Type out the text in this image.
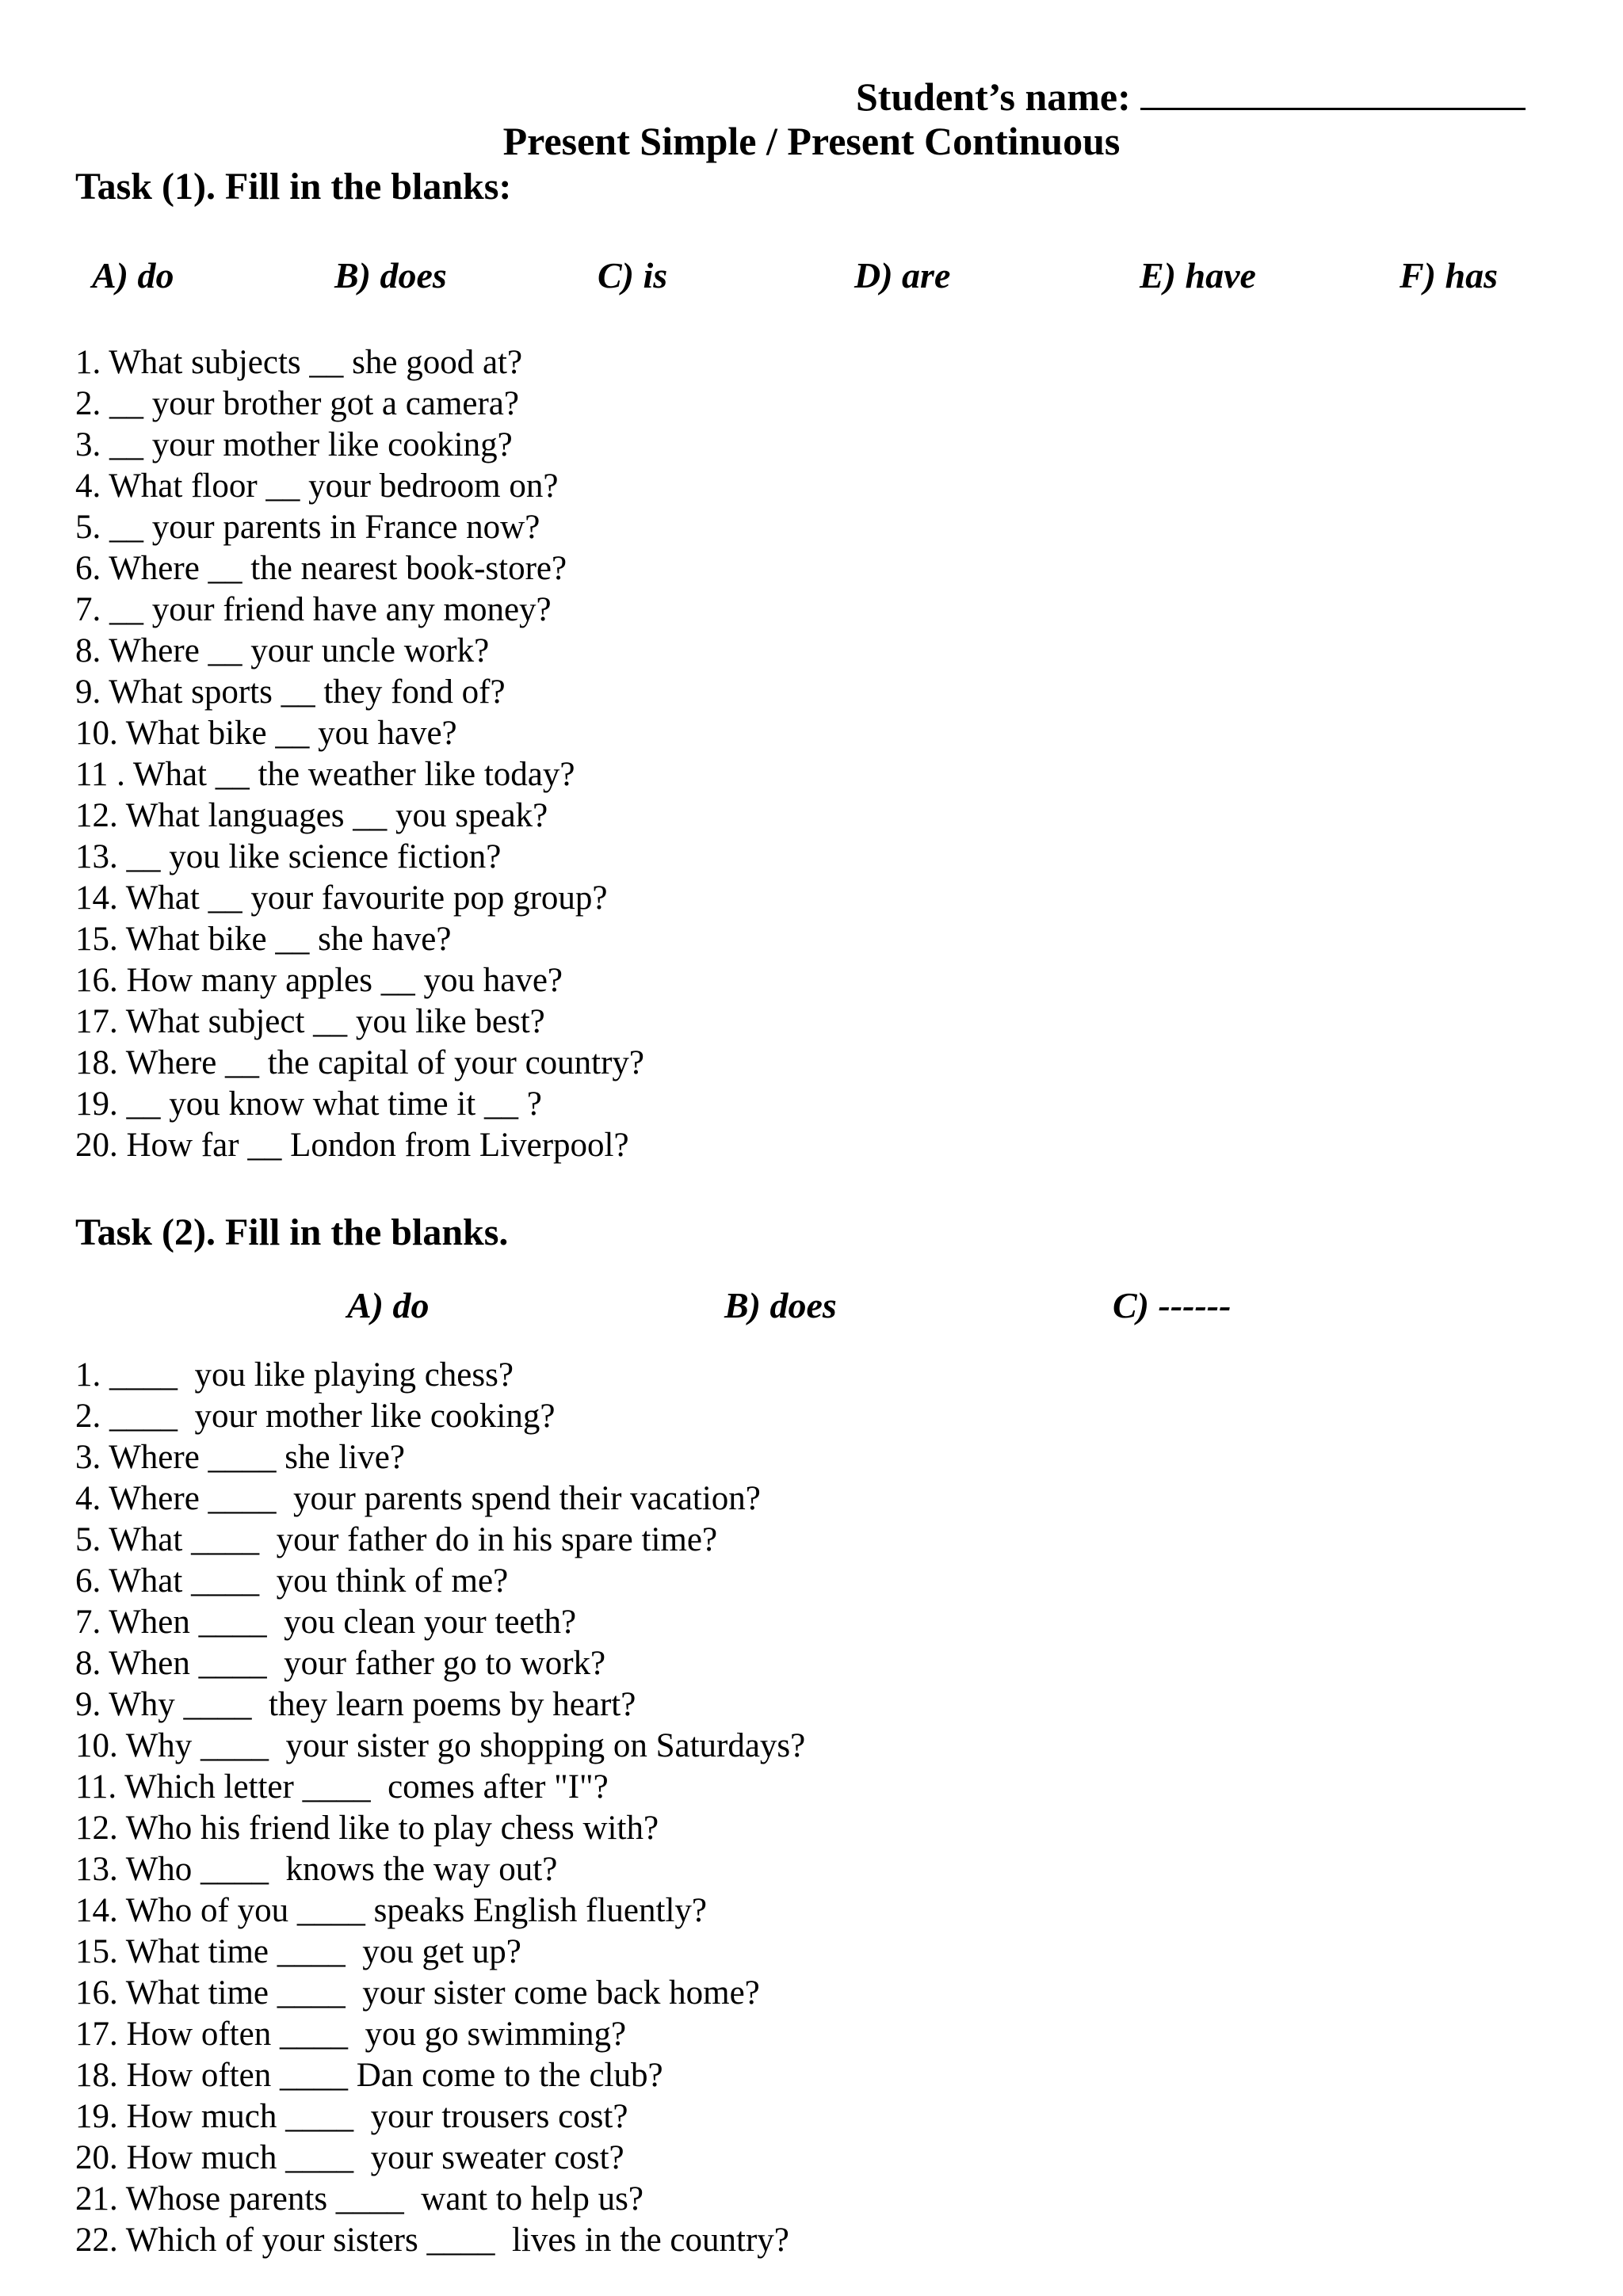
Student’s name:
Present Simple / Present Continuous
Task (1). Fill in the blanks:
A) do	B) does	C) is	D) are	E) have	F) has
1. What subjects __ she good at?
2. __ your brother got a camera?
3. __ your mother like cooking?
4. What floor __ your bedroom on?
5. __ your parents in France now?
6. Where __ the nearest book-store?
7. __ your friend have any money?
8. Where __ your uncle work?
9. What sports __ they fond of?
10. What bike __ you have?
11 . What __ the weather like today?
12. What languages __ you speak?
13. __ you like science fiction?
14. What __ your favourite pop group?
15. What bike __ she have?
16. How many apples __ you have?
17. What subject __ you like best?
18. Where __ the capital of your country?
19. __ you know what time it __ ?
20. How far __ London from Liverpool?
Task (2). Fill in the blanks.
A) do	B) does	C) ------
1. ____  you like playing chess?
2. ____  your mother like cooking?
3. Where ____ she live?
4. Where ____  your parents spend their vacation?
5. What ____  your father do in his spare time?
6. What ____  you think of me?
7. When ____  you clean your teeth?
8. When ____  your father go to work?
9. Why ____  they learn poems by heart?
10. Why ____  your sister go shopping on Saturdays?
11. Which letter ____  comes after "I"?
12. Who his friend like to play chess with?
13. Who ____  knows the way out?
14. Who of you ____ speaks English fluently?
15. What time ____  you get up?
16. What time ____  your sister come back home?
17. How often ____  you go swimming?
18. How often ____ Dan come to the club?
19. How much ____  your trousers cost?
20. How much ____  your sweater cost?
21. Whose parents ____  want to help us?
22. Which of your sisters ____  lives in the country?
